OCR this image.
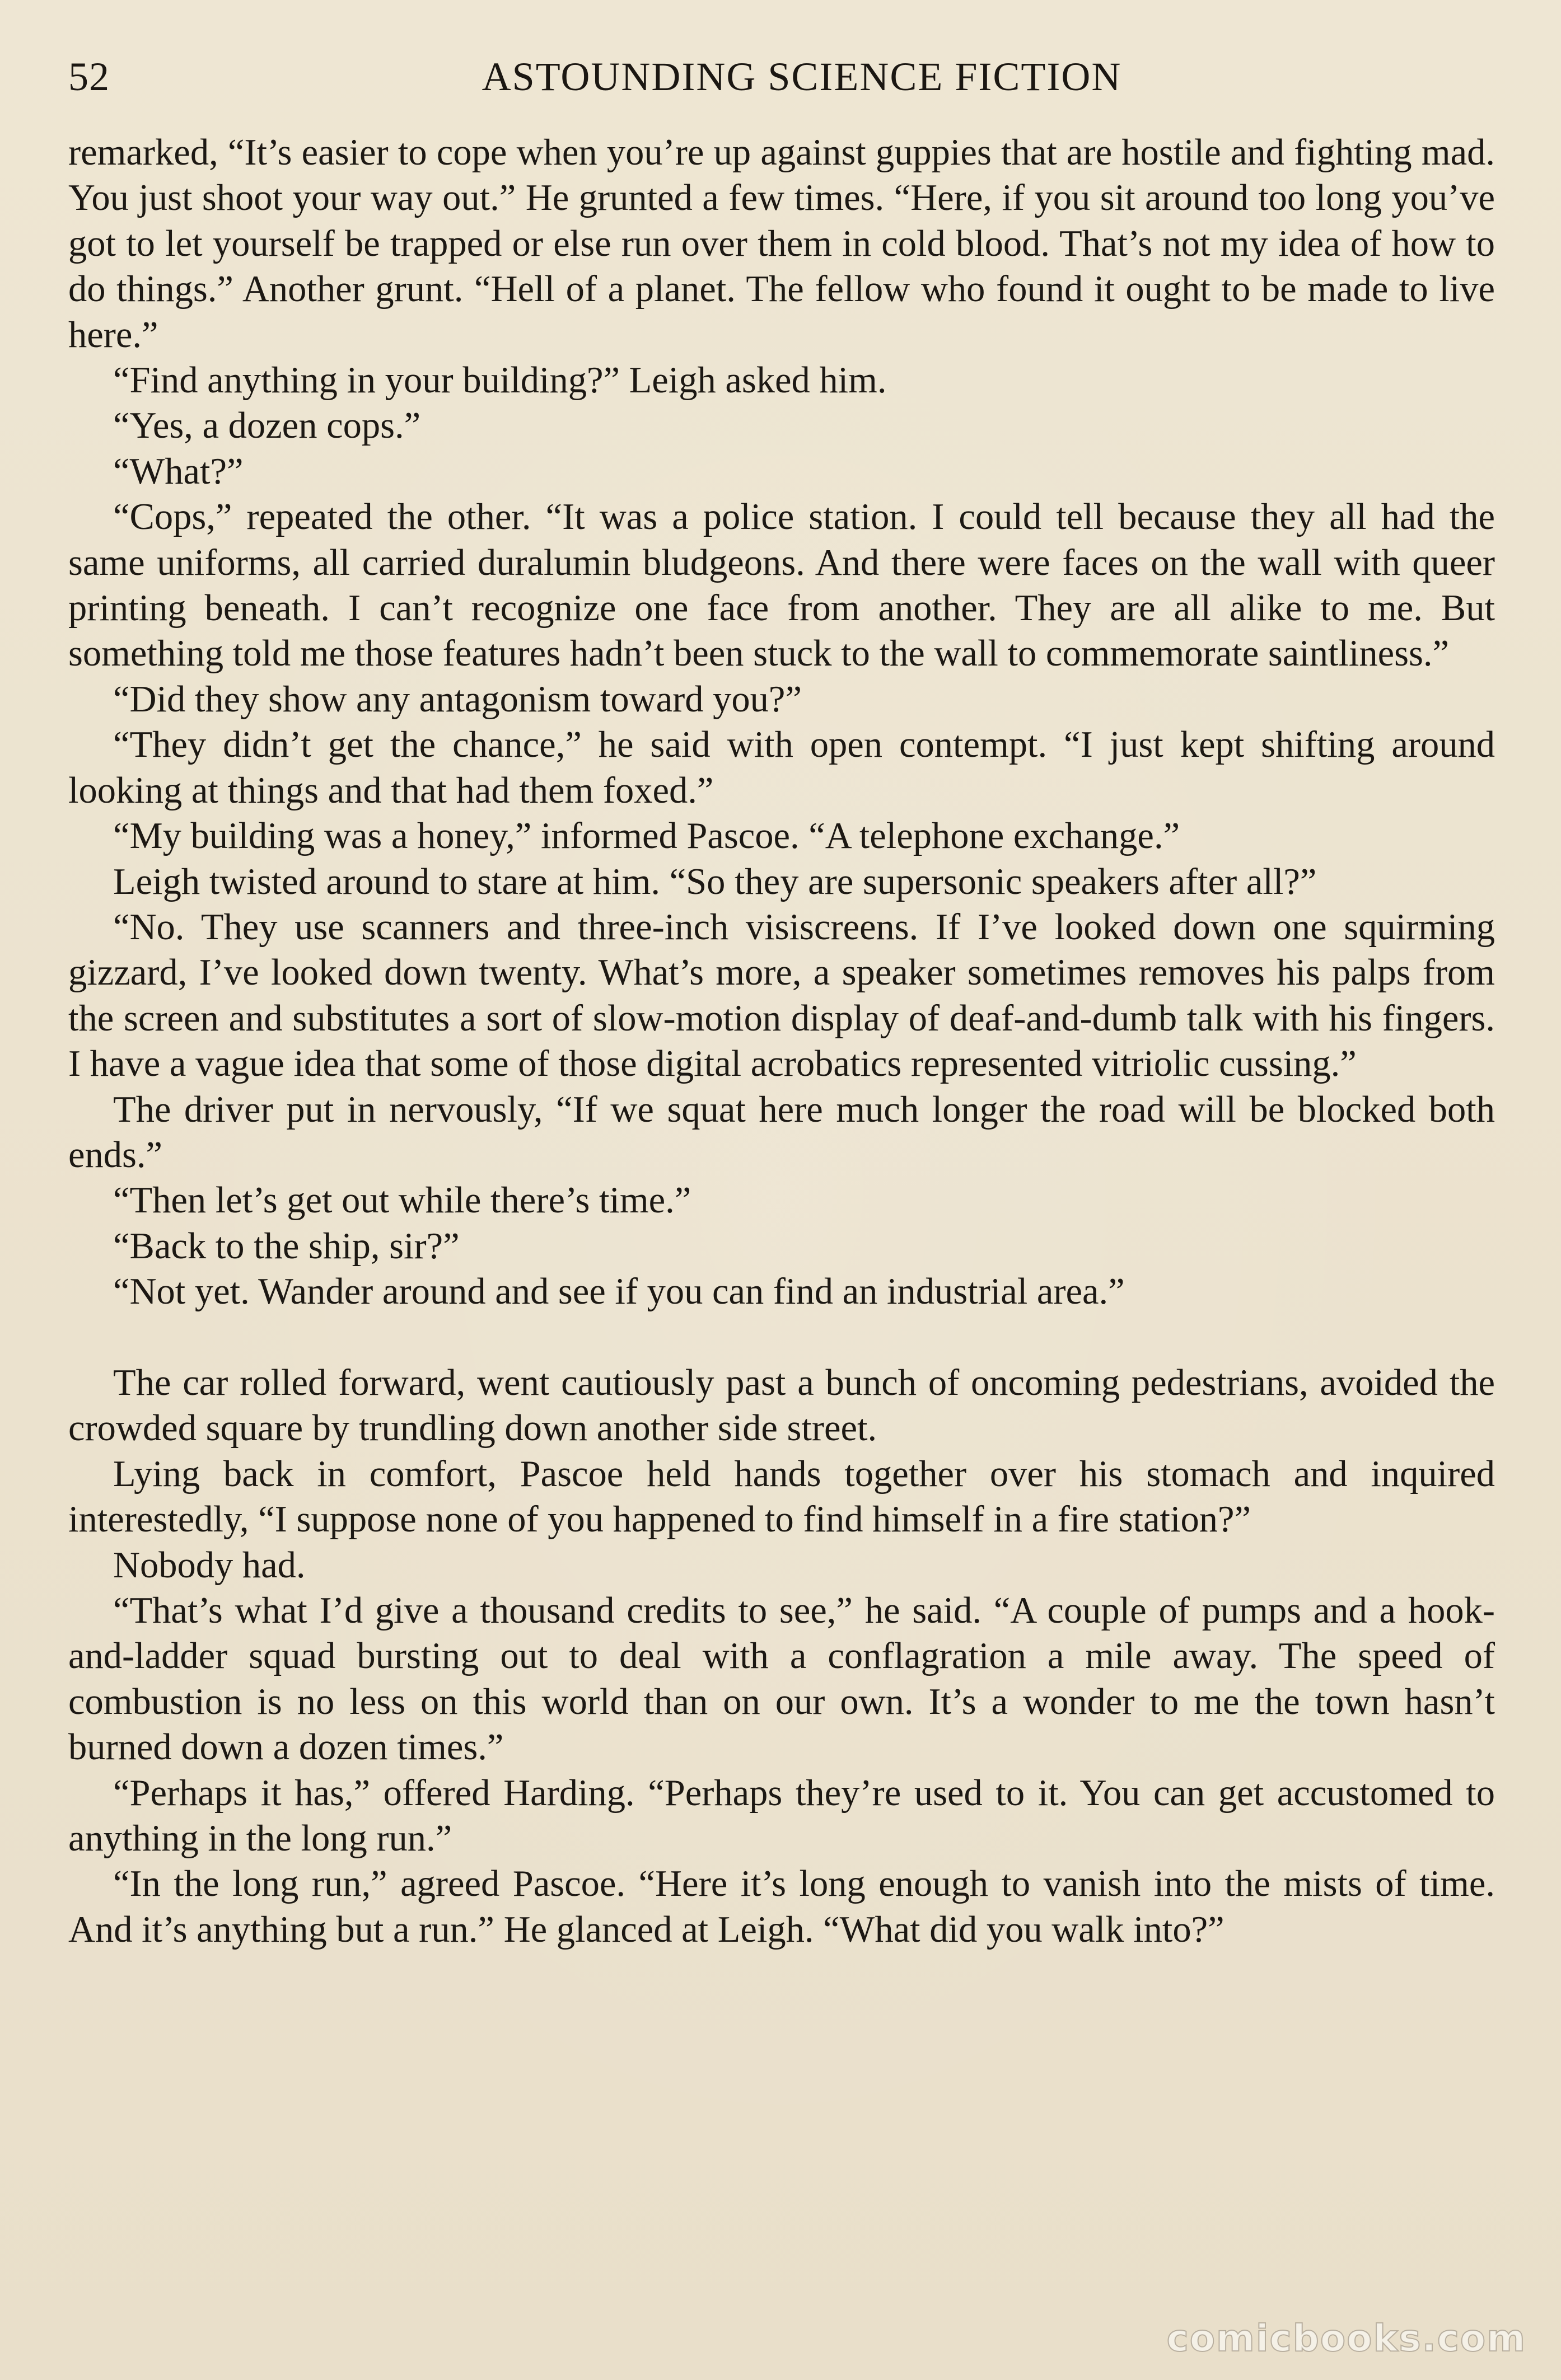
52	ASTOUNDING SCIENCE FICTION

remarked, “It’s easier to cope when you’re up against guppies that are hostile and fighting mad. You just shoot your way out.” He grunted a few times. “Here, if you sit around too long you’ve got to let yourself be trapped or else run over them in cold blood. That’s not my idea of how to do things.” Another grunt. “Hell of a planet. The fellow who found it ought to be made to live here.”

“Find anything in your building?” Leigh asked him.

“Yes, a dozen cops.”

“What?”

“Cops,” repeated the other. “It was a police station. I could tell because they all had the same uniforms, all carried duralumin bludgeons. And there were faces on the wall with queer printing beneath. I can’t recognize one face from another. They are all alike to me. But something told me those features hadn’t been stuck to the wall to commemorate saintliness.”

“Did they show any antagonism toward you?”

“They didn’t get the chance,” he said with open contempt. “I just kept shifting around looking at things and that had them foxed.”

“My building was a honey,” informed Pascoe. “A telephone exchange.”

Leigh twisted around to stare at him. “So they are supersonic speakers after all?”

“No. They use scanners and three-inch visiscreens. If I’ve looked down one squirming gizzard, I’ve looked down twenty. What’s more, a speaker sometimes removes his palps from the screen and substitutes a sort of slow-motion display of deaf-and-dumb talk with his fingers. I have a vague idea that some of those digital acrobatics represented vitriolic cussing.”

The driver put in nervously, “If we squat here much longer the road will be blocked both ends.”

“Then let’s get out while there’s time.”

“Back to the ship, sir?”

“Not yet. Wander around and see if you can find an industrial area.”

The car rolled forward, went cautiously past a bunch of oncoming pedestrians, avoided the crowded square by trundling down another side street.

Lying back in comfort, Pascoe held hands together over his stomach and inquired interestedly, “I suppose none of you happened to find himself in a fire station?”

Nobody had.

“That’s what I’d give a thousand credits to see,” he said. “A couple of pumps and a hook-and-ladder squad bursting out to deal with a conflagration a mile away. The speed of combustion is no less on this world than on our own. It’s a wonder to me the town hasn’t burned down a dozen times.”

“Perhaps it has,” offered Harding. “Perhaps they’re used to it. You can get accustomed to anything in the long run.”

“In the long run,” agreed Pascoe. “Here it’s long enough to vanish into the mists of time. And it’s anything but a run.” He glanced at Leigh. “What did you walk into?”

comicbooks.com
